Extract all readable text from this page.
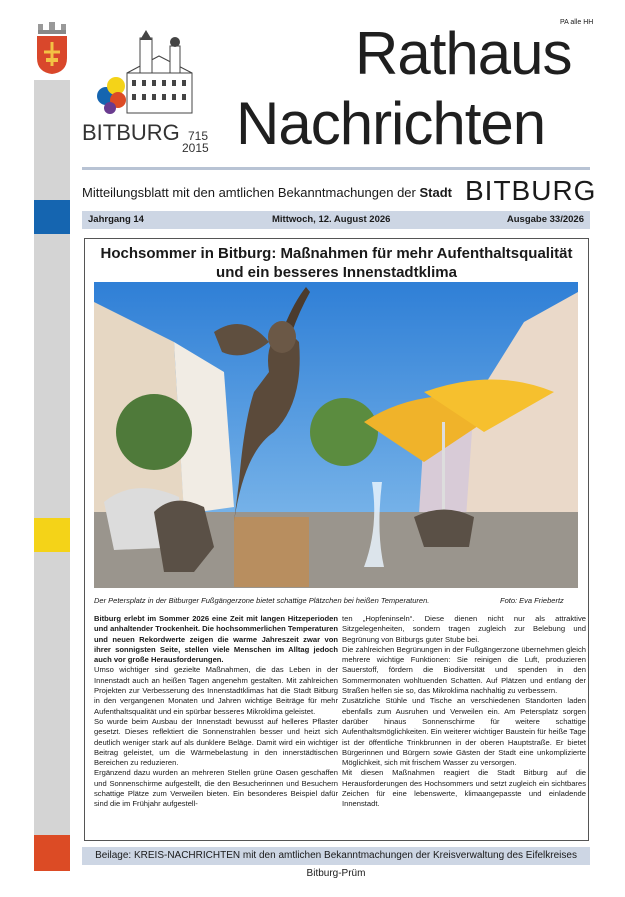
BITBURG 715
2015
PA alle HH
Rathaus
Nachrichten
Mitteilungsblatt mit den amtlichen Bekanntmachungen der Stadt BITBURG
Jahrgang 14	Mittwoch, 12. August 2026	Ausgabe 33/2026
Hochsommer in Bitburg: Maßnahmen für mehr Aufenthaltsqualität
und ein besseres Innenstadtklima
Der Petersplatz in der Bitburger Fußgängerzone bietet schattige Plätzchen bei heißen Temperaturen.	Foto: Eva Friebertz

Bitburg erlebt im Sommer 2026 eine Zeit mit langen Hitzeperioden und anhaltender Trockenheit. Die hochsommerlichen Temperaturen und neuen Rekordwerte zeigen die warme Jahreszeit zwar von ihrer sonnigsten Seite, stellen viele Menschen im Alltag jedoch auch vor große Herausforderungen.

Umso wichtiger sind gezielte Maßnahmen, die das Leben in der Innenstadt auch an heißen Tagen angenehm gestalten. Mit zahlreichen Projekten zur Verbesserung des Innenstadtklimas hat die Stadt Bitburg in den vergangenen Monaten und Jahren wichtige Beiträge für mehr Aufenthaltsqualität und ein spürbar besseres Mikroklima geleistet.

So wurde beim Ausbau der Innenstadt bewusst auf helleres Pflaster gesetzt. Dieses reflektiert die Sonnenstrahlen besser und heizt sich deutlich weniger stark auf als dunklere Beläge. Damit wird ein wichtiger Beitrag geleistet, um die Wärmebelastung in den innerstädtischen Bereichen zu reduzieren.

Ergänzend dazu wurden an mehreren Stellen grüne Oasen geschaffen und Sonnenschirme aufgestellt, die den Besucherinnen und Besuchern schattige Plätze zum Verweilen bieten. Ein besonderes Beispiel dafür sind die im Frühjahr aufgestell-

ten „Hopfeninseln“. Diese dienen nicht nur als attraktive Sitzgelegenheiten, sondern tragen zugleich zur Belebung und Begrünung von Bitburgs guter Stube bei.

Die zahlreichen Begrünungen in der Fußgängerzone übernehmen gleich mehrere wichtige Funktionen: Sie reinigen die Luft, produzieren Sauerstoff, fördern die Biodiversität und spenden in den Sommermonaten wohltuenden Schatten. Auf Plätzen und entlang der Straßen helfen sie so, das Mikroklima nachhaltig zu verbessern.

Zusätzliche Stühle und Tische an verschiedenen Standorten laden ebenfalls zum Ausruhen und Verweilen ein. Am Petersplatz sorgen darüber hinaus Sonnenschirme für weitere schattige Aufenthaltsmöglichkeiten. Ein weiterer wichtiger Baustein für heiße Tage ist der öffentliche Trinkbrunnen in der oberen Hauptstraße. Er bietet Bürgerinnen und Bürgern sowie Gästen der Stadt eine unkomplizierte Möglichkeit, sich mit frischem Wasser zu versorgen.

Mit diesen Maßnahmen reagiert die Stadt Bitburg auf die Herausforderungen des Hochsommers und setzt zugleich ein sichtbares Zeichen für eine lebenswerte, klimaangepasste und einladende Innenstadt.

Beilage: KREIS-NACHRICHTEN mit den amtlichen Bekanntmachungen der Kreisverwaltung des Eifelkreises Bitburg-Prüm
